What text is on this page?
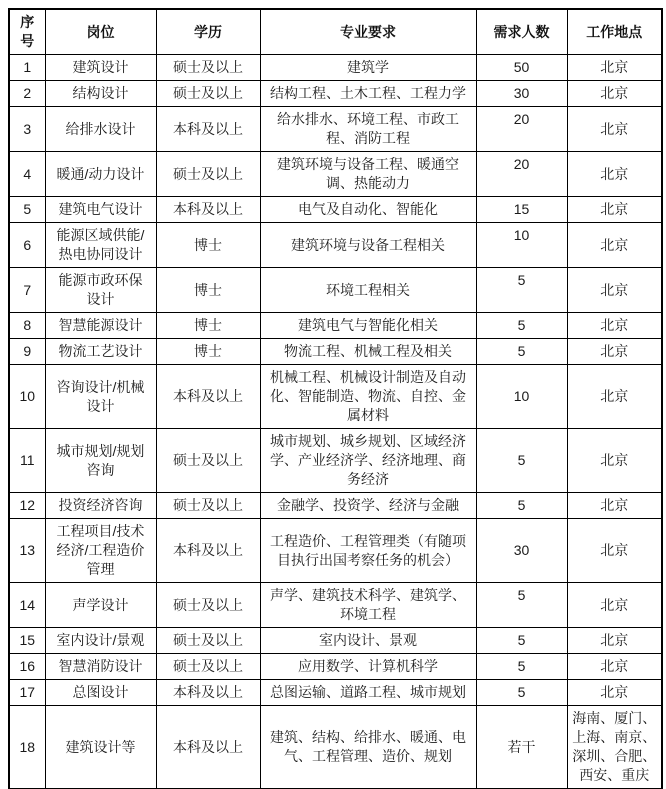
序号	岗位	学历	专业要求	需求人数	工作地点
1	建筑设计	硕士及以上	建筑学	50	北京
2	结构设计	硕士及以上	结构工程、土木工程、工程力学	30	北京
3	给排水设计	本科及以上	给水排水、环境工程、市政工程、消防工程	20	北京
4	暖通/动力设计	硕士及以上	建筑环境与设备工程、暖通空调、热能动力	20	北京
5	建筑电气设计	本科及以上	电气及自动化、智能化	15	北京
6	能源区域供能/热电协同设计	博士	建筑环境与设备工程相关	10	北京
7	能源市政环保设计	博士	环境工程相关	5	北京
8	智慧能源设计	博士	建筑电气与智能化相关	5	北京
9	物流工艺设计	博士	物流工程、机械工程及相关	5	北京
10	咨询设计/机械设计	本科及以上	机械工程、机械设计制造及自动化、智能制造、物流、自控、金属材料	10	北京
11	城市规划/规划咨询	硕士及以上	城市规划、城乡规划、区域经济学、产业经济学、经济地理、商务经济	5	北京
12	投资经济咨询	硕士及以上	金融学、投资学、经济与金融	5	北京
13	工程项目/技术经济/工程造价管理	本科及以上	工程造价、工程管理类（有随项目执行出国考察任务的机会）	30	北京
14	声学设计	硕士及以上	声学、建筑技术科学、建筑学、环境工程	5	北京
15	室内设计/景观	硕士及以上	室内设计、景观	5	北京
16	智慧消防设计	硕士及以上	应用数学、计算机科学	5	北京
17	总图设计	本科及以上	总图运输、道路工程、城市规划	5	北京
18	建筑设计等	本科及以上	建筑、结构、给排水、暖通、电气、工程管理、造价、规划	若干	海南、厦门、上海、南京、深圳、合肥、西安、重庆
